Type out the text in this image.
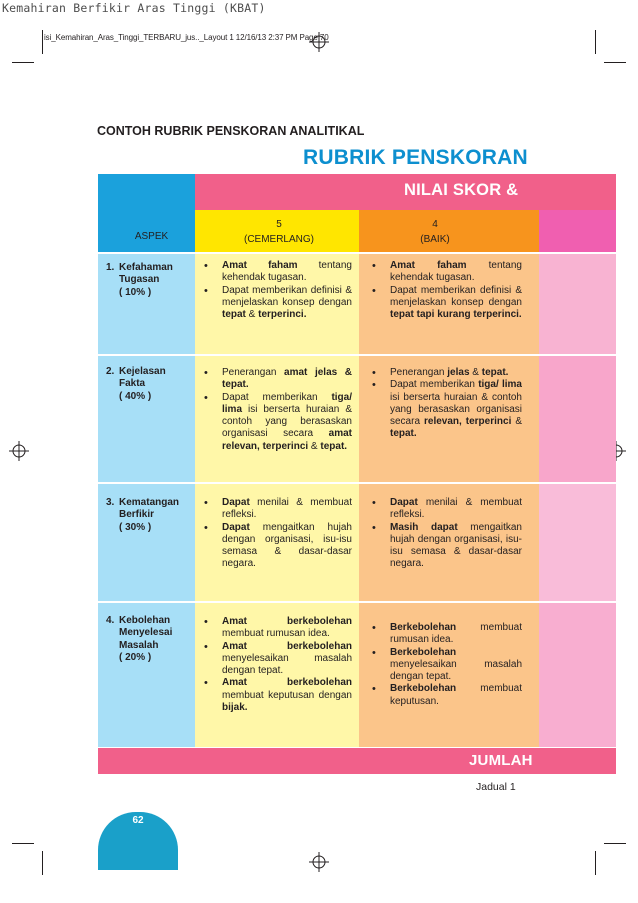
Kemahiran Berfikir Aras Tinggi (KBAT)
isi_Kemahiran_Aras_Tinggi_TERBARU_jus.._Layout 1 12/16/13 2:37 PM Page 70
CONTOH RUBRIK PENSKORAN ANALITIKAL
RUBRIK PENSKORAN
NILAI SKOR &
ASPEK
5
(CEMERLANG)
4
(BAIK)
1. Kefahaman
Tugasan
( 10% )
2. Kejelasan
Fakta
( 40% )
3. Kematangan
Berfikir
( 30% )
4. Kebolehan
Menyelesai
Masalah
( 20% )
• Amat faham tentang kehendak tugasan.
• Dapat memberikan definisi & menjelaskan konsep dengan tepat & terperinci.
• Amat faham tentang kehendak tugasan.
• Dapat memberikan definisi & menjelaskan konsep dengan tepat tapi kurang terperinci.
• Penerangan amat jelas & tepat.
• Dapat memberikan tiga/ lima isi berserta huraian & contoh yang berasaskan organisasi secara amat relevan, terperinci & tepat.
• Penerangan jelas & tepat.
• Dapat memberikan tiga/ lima isi berserta huraian & contoh yang berasaskan organisasi secara relevan, terperinci & tepat.
• Dapat menilai & membuat refleksi.
• Dapat mengaitkan hujah dengan organisasi, isu-isu semasa & dasar-dasar negara.
• Dapat menilai & membuat refleksi.
• Masih dapat mengaitkan hujah dengan organisasi, isu-isu semasa & dasar-dasar negara.
• Amat berkebolehan membuat rumusan idea.
• Amat berkebolehan menyelesaikan masalah dengan tepat.
• Amat berkebolehan membuat keputusan dengan bijak.
• Berkebolehan membuat rumusan idea.
• Berkebolehan menyelesaikan masalah dengan tepat.
• Berkebolehan membuat keputusan.
JUMLAH
Jadual 1
62
